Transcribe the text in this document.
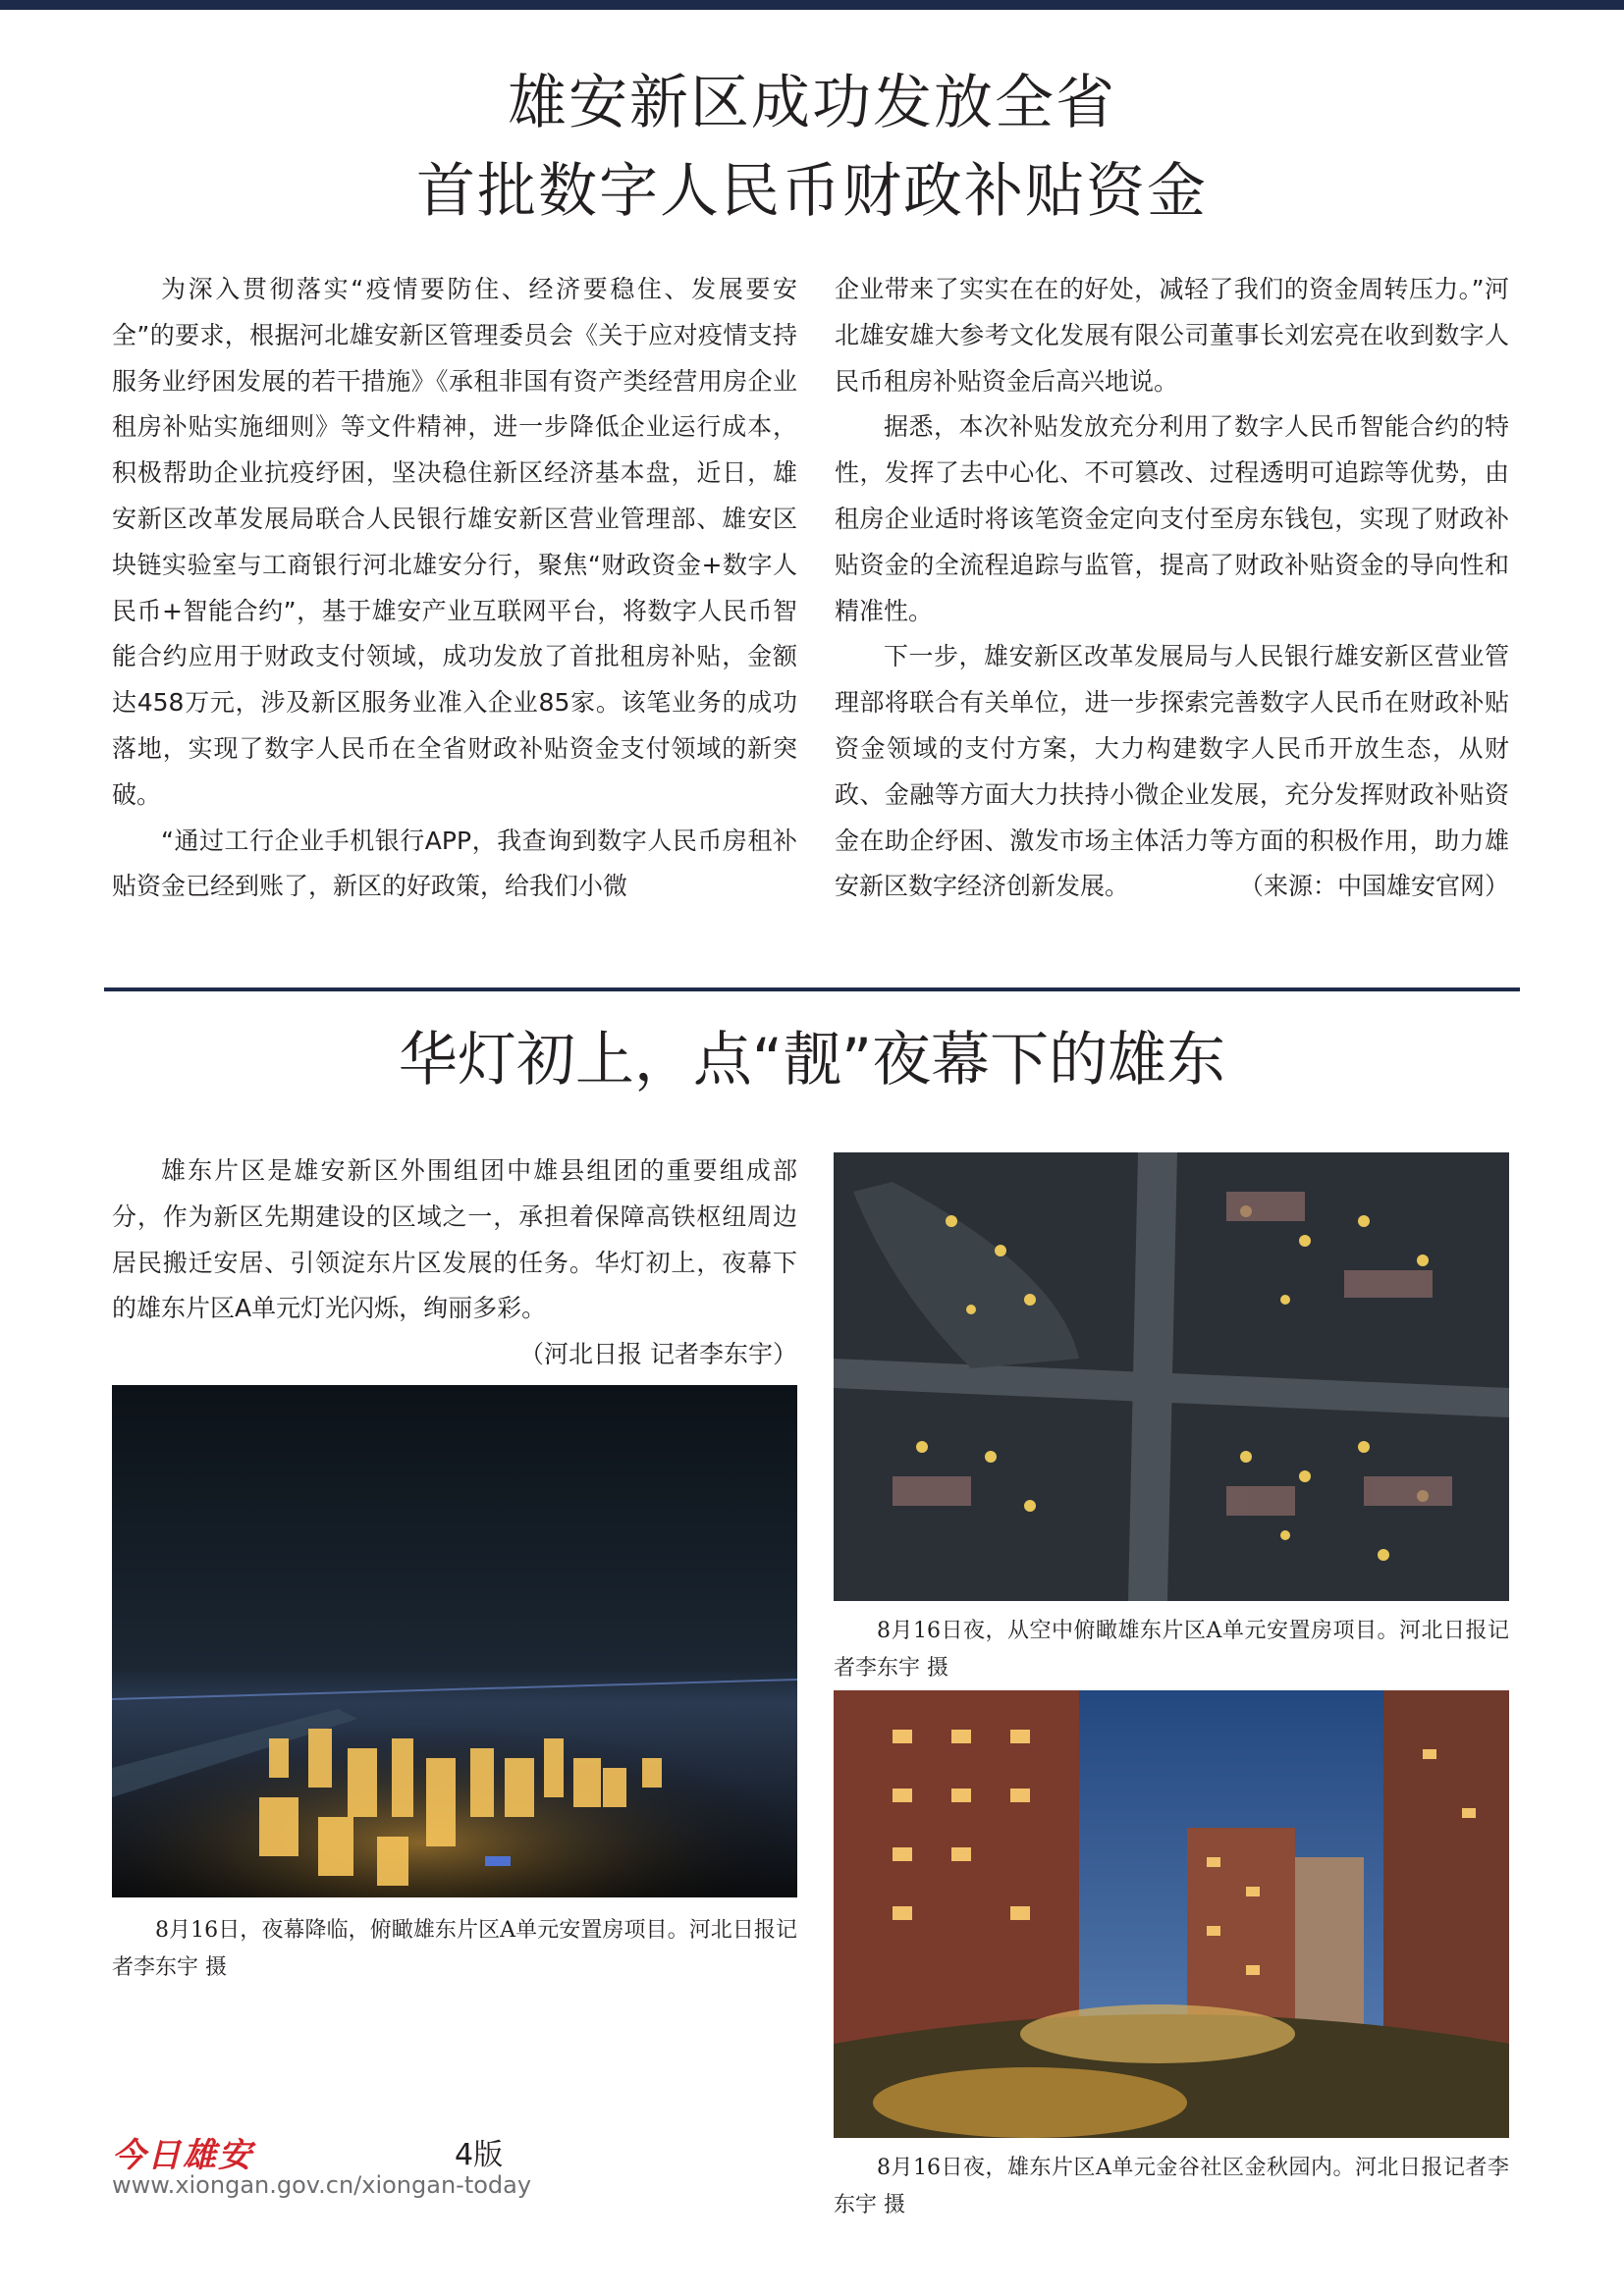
雄安新区成功发放全省
首批数字人民币财政补贴资金

为深入贯彻落实“疫情要防住、经济要稳住、发展要安全”的要求，根据河北雄安新区管理委员会《关于应对疫情支持服务业纾困发展的若干措施》《承租非国有资产类经营用房企业租房补贴实施细则》等文件精神，进一步降低企业运行成本，积极帮助企业抗疫纾困，坚决稳住新区经济基本盘，近日，雄安新区改革发展局联合人民银行雄安新区营业管理部、雄安区块链实验室与工商银行河北雄安分行，聚焦“财政资金+数字人民币+智能合约”，基于雄安产业互联网平台，将数字人民币智能合约应用于财政支付领域，成功发放了首批租房补贴，金额达458万元，涉及新区服务业准入企业85家。该笔业务的成功落地，实现了数字人民币在全省财政补贴资金支付领域的新突破。

“通过工行企业手机银行APP，我查询到数字人民币房租补贴资金已经到账了，新区的好政策，给我们小微

企业带来了实实在在的好处，减轻了我们的资金周转压力。”河北雄安雄大参考文化发展有限公司董事长刘宏亮在收到数字人民币租房补贴资金后高兴地说。

据悉，本次补贴发放充分利用了数字人民币智能合约的特性，发挥了去中心化、不可篡改、过程透明可追踪等优势，由租房企业适时将该笔资金定向支付至房东钱包，实现了财政补贴资金的全流程追踪与监管，提高了财政补贴资金的导向性和精准性。

下一步，雄安新区改革发展局与人民银行雄安新区营业管理部将联合有关单位，进一步探索完善数字人民币在财政补贴资金领域的支付方案，大力构建数字人民币开放生态，从财政、金融等方面大力扶持小微企业发展，充分发挥财政补贴资金在助企纾困、激发市场主体活力等方面的积极作用，助力雄安新区数字经济创新发展。	（来源：中国雄安官网）
华灯初上，点“靓”夜幕下的雄东

雄东片区是雄安新区外围组团中雄县组团的重要组成部分，作为新区先期建设的区域之一，承担着保障高铁枢纽周边居民搬迁安居、引领淀东片区发展的任务。华灯初上，夜幕下的雄东片区A单元灯光闪烁，绚丽多彩。

（河北日报 记者李东宇）

8月16日，夜幕降临，俯瞰雄东片区A单元安置房项目。河北日报记者李东宇 摄

8月16日夜，从空中俯瞰雄东片区A单元安置房项目。河北日报记者李东宇 摄

8月16日夜，雄东片区A单元金谷社区金秋园内。河北日报记者李东宇 摄

今日雄安	4版
www.xiongan.gov.cn/xiongan-today
